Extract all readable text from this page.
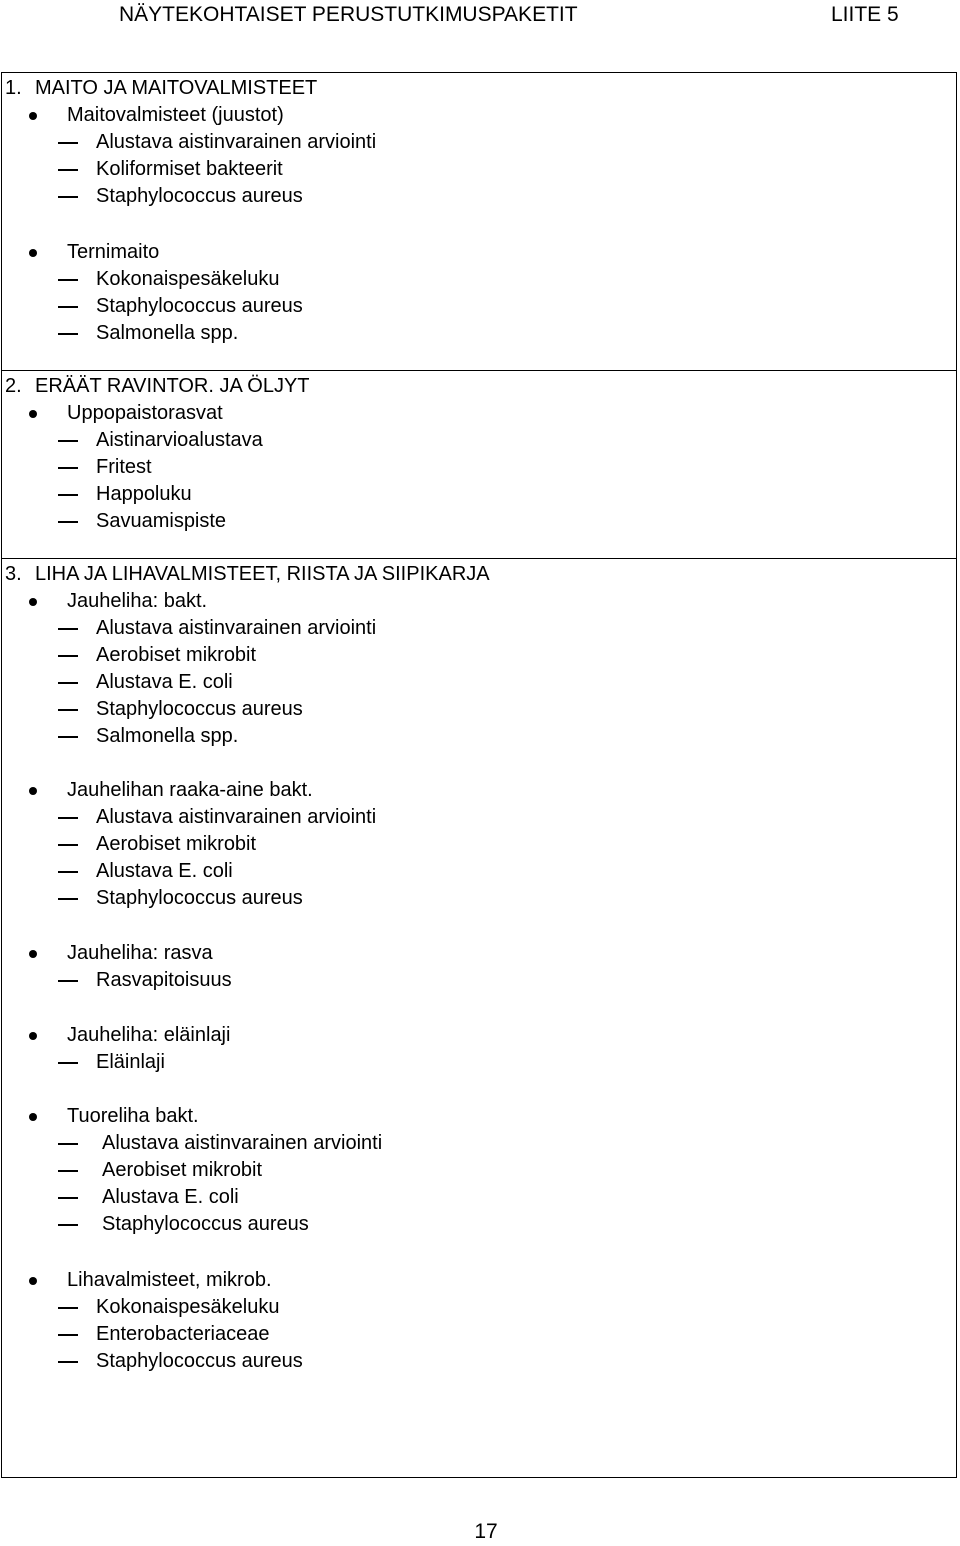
NÄYTEKOHTAISET PERUSTUTKIMUSPAKETIT	LIITE 5
1. MAITO JA MAITOVALMISTEET
Maitovalmisteet (juustot)
Alustava aistinvarainen arviointi
Koliformiset bakteerit
Staphylococcus aureus
Ternimaito
Kokonaispesäkeluku
Staphylococcus aureus
Salmonella spp.
2. ERÄÄT RAVINTOR. JA ÖLJYT
Uppopaistorasvat
Aistinarvioalustava
Fritest
Happoluku
Savuamispiste
3. LIHA JA LIHAVALMISTEET, RIISTA JA SIIPIKARJA
Jauheliha: bakt.
Alustava aistinvarainen arviointi
Aerobiset mikrobit
Alustava E. coli
Staphylococcus aureus
Salmonella spp.
Jauhelihan raaka-aine bakt.
Alustava aistinvarainen arviointi
Aerobiset mikrobit
Alustava E. coli
Staphylococcus aureus
Jauheliha: rasva
Rasvapitoisuus
Jauheliha: eläinlaji
Eläinlaji
Tuoreliha bakt.
Alustava aistinvarainen arviointi
Aerobiset mikrobit
Alustava E. coli
Staphylococcus aureus
Lihavalmisteet, mikrob.
Kokonaispesäkeluku
Enterobacteriaceae
Staphylococcus aureus
17
